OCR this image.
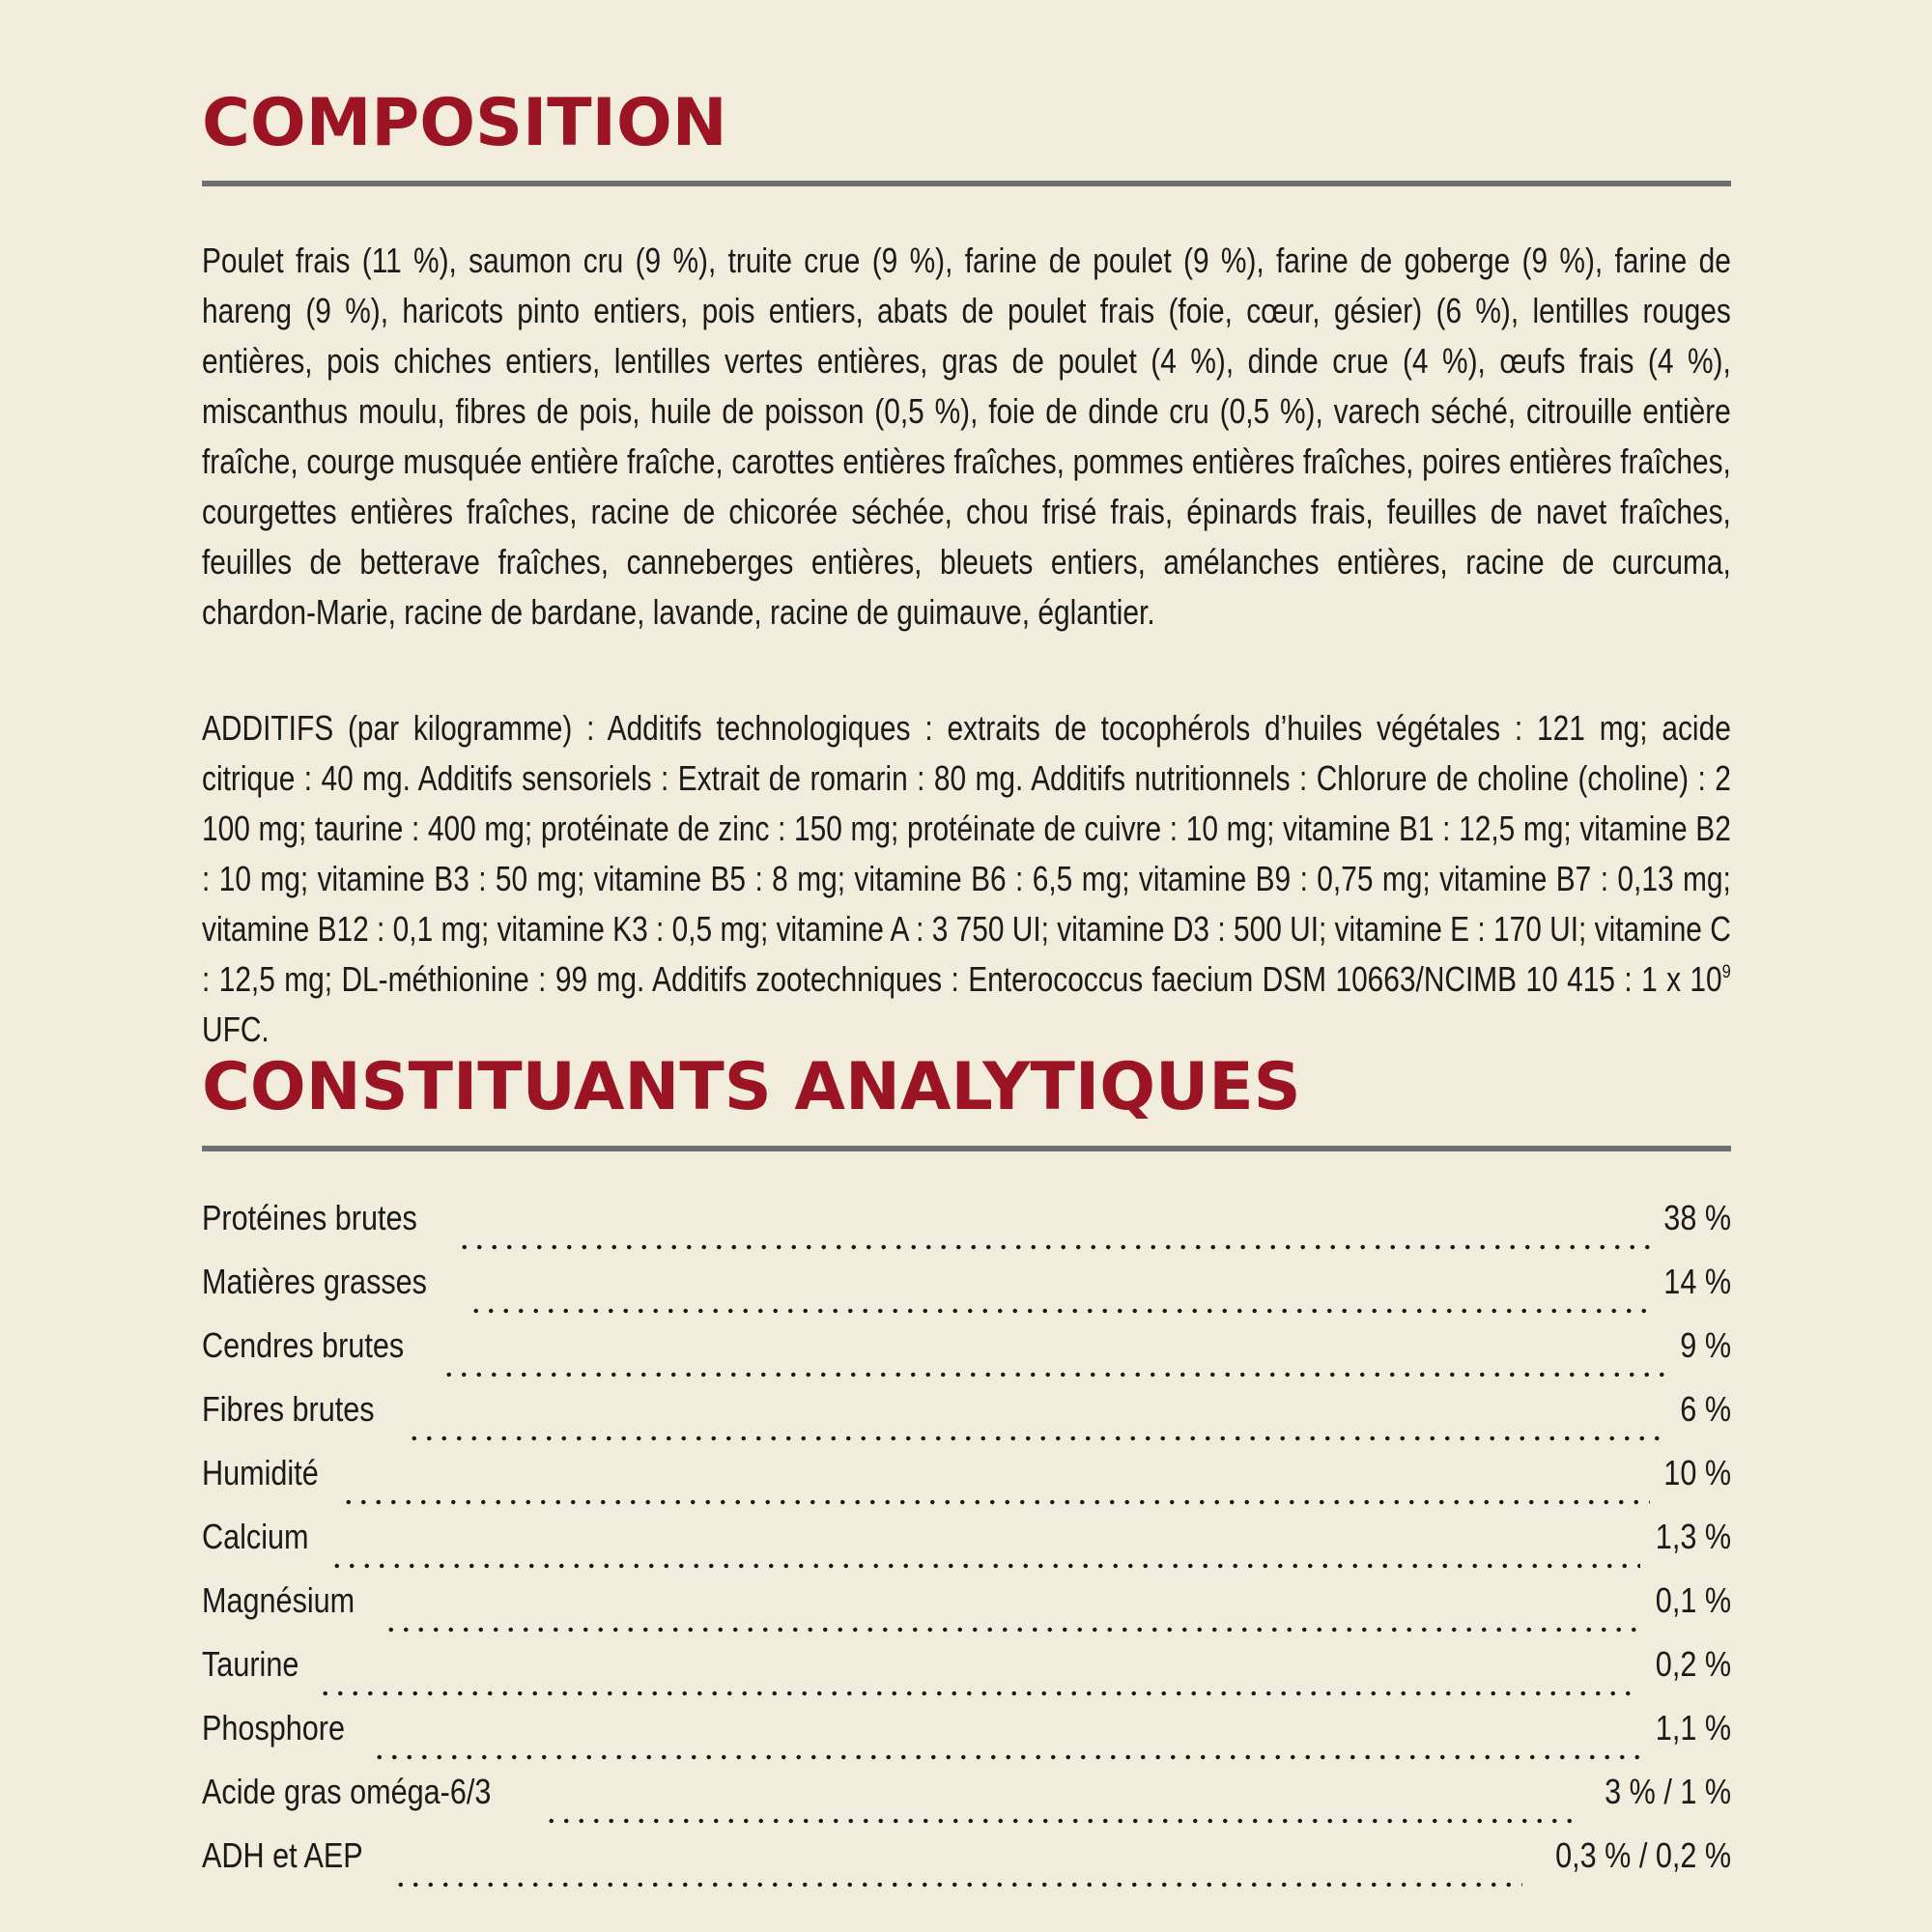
COMPOSITION

Poulet frais (11 %), saumon cru (9 %), truite crue (9 %), farine de poulet (9 %), farine de goberge (9 %), farine de hareng (9 %), haricots pinto entiers, pois entiers, abats de poulet frais (foie, cœur, gésier) (6 %), lentilles rouges entières, pois chiches entiers, lentilles vertes entières, gras de poulet (4 %), dinde crue (4 %), œufs frais (4 %), miscanthus moulu, fibres de pois, huile de poisson (0,5 %), foie de dinde cru (0,5 %), varech séché, citrouille entière fraîche, courge musquée entière fraîche, carottes entières fraîches, pommes entières fraîches, poires entières fraîches, courgettes entières fraîches, racine de chicorée séchée, chou frisé frais, épinards frais, feuilles de navet fraîches, feuilles de betterave fraîches, canneberges entières, bleuets entiers, amélanches entières, racine de curcuma, chardon-Marie, racine de bardane, lavande, racine de guimauve, églantier.

ADDITIFS (par kilogramme) : Additifs technologiques : extraits de tocophérols d’huiles végétales : 121 mg; acide citrique : 40 mg. Additifs sensoriels : Extrait de romarin : 80 mg. Additifs nutritionnels : Chlorure de choline (choline) : 2 100 mg; taurine : 400 mg; protéinate de zinc : 150 mg; protéinate de cuivre : 10 mg; vitamine B1 : 12,5 mg; vitamine B2 : 10 mg; vitamine B3 : 50 mg; vitamine B5 : 8 mg; vitamine B6 : 6,5 mg; vitamine B9 : 0,75 mg; vitamine B7 : 0,13 mg; vitamine B12 : 0,1 mg; vitamine K3 : 0,5 mg; vitamine A : 3 750 UI; vitamine D3 : 500 UI; vitamine E : 170 UI; vitamine C : 12,5 mg; DL-méthionine : 99 mg. Additifs zootechniques : Enterococcus faecium DSM 10663/NCIMB 10 415 : 1 x $10^9$ UFC.

CONSTITUANTS ANALYTIQUES
Protéines brutes	38 %
Matières grasses	14 %
Cendres brutes	9 %
Fibres brutes	6 %
Humidité	10 %
Calcium	1,3 %
Magnésium	0,1 %
Taurine	0,2 %
Phosphore	1,1 %
Acide gras oméga-6/3	3 % / 1 %
ADH et AEP	0,3 % / 0,2 %
